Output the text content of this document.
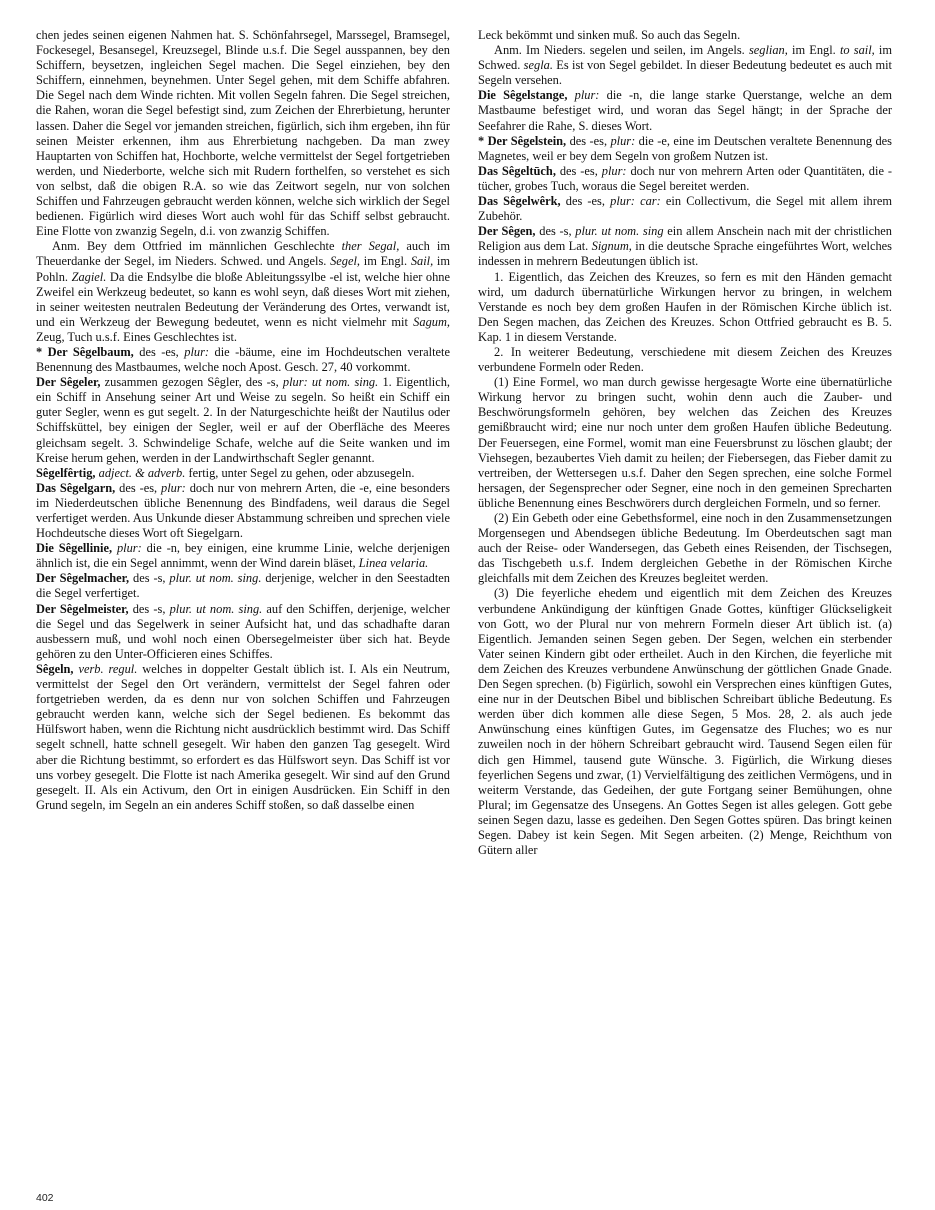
chen jedes seinen eigenen Nahmen hat. S. Schönfahrsegel, Marssegel, Bramsegel, Fockesegel, Besansegel, Kreuzsegel, Blinde u.s.f. Die Segel ausspannen, bey den Schiffern, beysetzen, ingleichen Segel machen. Die Segel einziehen, bey den Schiffern, einnehmen, beynehmen. Unter Segel gehen, mit dem Schiffe abfahren. Die Segel nach dem Winde richten. Mit vollen Segeln fahren. Die Segel streichen, die Rahen, woran die Segel befestigt sind, zum Zeichen der Ehrerbietung, herunter lassen. Daher die Segel vor jemanden streichen, figürlich, sich ihm ergeben, ihn für seinen Meister erkennen, ihm aus Ehrerbietung nachgeben. Da man zwey Hauptarten von Schiffen hat, Hochborte, welche vermittelst der Segel fortgetrieben werden, und Niederborte, welche sich mit Rudern forthelfen, so verstehet es sich von selbst, daß die obigen R.A. so wie das Zeitwort segeln, nur von solchen Schiffen und Fahrzeugen gebraucht werden können, welche sich wirklich der Segel bedienen. Figürlich wird dieses Wort auch wohl für das Schiff selbst gebraucht. Eine Flotte von zwanzig Segeln, d.i. von zwanzig Schiffen.

Anm. Bey dem Ottfried im männlichen Geschlechte ther Segal, auch im Theuerdanke der Segel, im Nieders. Schwed. und Angels. Segel, im Engl. Sail, im Pohln. Zagiel. Da die Endsylbe die bloße Ableitungssylbe -el ist, welche hier ohne Zweifel ein Werkzeug bedeutet, so kann es wohl seyn, daß dieses Wort mit ziehen, in seiner weitesten neutralen Bedeutung der Veränderung des Ortes, verwandt ist, und ein Werkzeug der Bewegung bedeutet, wenn es nicht vielmehr mit Sagum, Zeug, Tuch u.s.f. Eines Geschlechtes ist.

* Der Sêgelbaum, des -es, plur: die -bäume, eine im Hochdeutschen veraltete Benennung des Mastbaumes, welche noch Apost. Gesch. 27, 40 vorkommt.

Der Sêgeler, zusammen gezogen Sêgler, des -s, plur: ut nom. sing. 1. Eigentlich, ein Schiff in Ansehung seiner Art und Weise zu segeln. So heißt ein Schiff ein guter Segler, wenn es gut segelt. 2. In der Naturgeschichte heißt der Nautilus oder Schiffsküttel, bey einigen der Segler, weil er auf der Oberfläche des Meeres gleichsam segelt. 3. Schwindelige Schafe, welche auf die Seite wanken und im Kreise herum gehen, werden in der Landwirthschaft Segler genannt.

Sêgelfêrtig, adject. & adverb. fertig, unter Segel zu gehen, oder abzusegeln.

Das Sêgelgarn, des -es, plur: doch nur von mehrern Arten, die -e, eine besonders im Niederdeutschen übliche Benennung des Bindfadens, weil daraus die Segel verfertiget werden. Aus Unkunde dieser Abstammung schreiben und sprechen viele Hochdeutsche dieses Wort oft Siegelgarn.

Die Sêgellinie, plur: die -n, bey einigen, eine krumme Linie, welche derjenigen ähnlich ist, die ein Segel annimmt, wenn der Wind darein bläset, Linea velaria.

Der Sêgelmacher, des -s, plur. ut nom. sing. derjenige, welcher in den Seestadten die Segel verfertiget.

Der Sêgelmeister, des -s, plur. ut nom. sing. auf den Schiffen, derjenige, welcher die Segel und das Segelwerk in seiner Aufsicht hat, und das schadhafte daran ausbessern muß, und wohl noch einen Obersegelmeister über sich hat. Beyde gehören zu den Unter-Officieren eines Schiffes.

Sêgeln, verb. regul. welches in doppelter Gestalt üblich ist. I. Als ein Neutrum, vermittelst der Segel den Ort verändern, vermittelst der Segel fahren oder fortgetrieben werden, da es denn nur von solchen Schiffen und Fahrzeugen gebraucht werden kann, welche sich der Segel bedienen. Es bekommt das Hülfswort haben, wenn die Richtung nicht ausdrücklich bestimmt wird. Das Schiff segelt schnell, hatte schnell gesegelt. Wir haben den ganzen Tag gesegelt. Wird aber die Richtung bestimmt, so erfordert es das Hülfswort seyn. Das Schiff ist vor uns vorbey gesegelt. Die Flotte ist nach Amerika gesegelt. Wir sind auf den Grund gesegelt. II. Als ein Activum, den Ort in einigen Ausdrücken. Ein Schiff in den Grund segeln, im Segeln an ein anderes Schiff stoßen, so daß dasselbe einen

Leck bekömmt und sinken muß. So auch das Segeln.

Anm. Im Nieders. segelen und seilen, im Angels. seglian, im Engl. to sail, im Schwed. segla. Es ist von Segel gebildet. In dieser Bedeutung bedeutet es auch mit Segeln versehen.

Die Sêgelstange, plur: die -n, die lange starke Querstange, welche an dem Mastbaume befestiget wird, und woran das Segel hängt; in der Sprache der Seefahrer die Rahe, S. dieses Wort.

* Der Sêgelstein, des -es, plur: die -e, eine im Deutschen veraltete Benennung des Magnetes, weil er bey dem Segeln von großem Nutzen ist.

Das Sêgeltūch, des -es, plur: doch nur von mehrern Arten oder Quantitäten, die -tücher, grobes Tuch, woraus die Segel bereitet werden.

Das Sêgelwêrk, des -es, plur: car: ein Collectivum, die Segel mit allem ihrem Zubehör.

Der Sêgen, des -s, plur. ut nom. sing ein allem Anschein nach mit der christlichen Religion aus dem Lat. Signum, in die deutsche Sprache eingeführtes Wort, welches indessen in mehrern Bedeutungen üblich ist.

1. Eigentlich, das Zeichen des Kreuzes, so fern es mit den Händen gemacht wird, um dadurch übernatürliche Wirkungen hervor zu bringen, in welchem Verstande es noch bey dem großen Haufen in der Römischen Kirche üblich ist. Den Segen machen, das Zeichen des Kreuzes. Schon Ottfried gebraucht es B. 5. Kap. 1 in diesem Verstande.

2. In weiterer Bedeutung, verschiedene mit diesem Zeichen des Kreuzes verbundene Formeln oder Reden.

(1) Eine Formel, wo man durch gewisse hergesagte Worte eine übernatürliche Wirkung hervor zu bringen sucht, wohin denn auch die Zauber- und Beschwörungsformeln gehören, bey welchen das Zeichen des Kreuzes gemißbraucht wird; eine nur noch unter dem großen Haufen übliche Bedeutung. Der Feuersegen, eine Formel, womit man eine Feuersbrunst zu löschen glaubt; der Viehsegen, bezaubertes Vieh damit zu heilen; der Fiebersegen, das Fieber damit zu vertreiben, der Wettersegen u.s.f. Daher den Segen sprechen, eine solche Formel hersagen, der Segensprecher oder Segner, eine noch in den gemeinen Sprecharten übliche Benennung eines Beschwörers durch dergleichen Formeln, und so ferner.

(2) Ein Gebeth oder eine Gebethsformel, eine noch in den Zusammensetzungen Morgensegen und Abendsegen übliche Bedeutung. Im Oberdeutschen sagt man auch der Reise- oder Wandersegen, das Gebeth eines Reisenden, der Tischsegen, das Tischgebeth u.s.f. Indem dergleichen Gebethe in der Römischen Kirche gleichfalls mit dem Zeichen des Kreuzes begleitet werden.

(3) Die feyerliche ehedem und eigentlich mit dem Zeichen des Kreuzes verbundene Ankündigung der künftigen Gnade Gottes, künftiger Glückseligkeit von Gott, wo der Plural nur von mehrern Formeln dieser Art üblich ist. (a) Eigentlich. Jemanden seinen Segen geben. Der Segen, welchen ein sterbender Vater seinen Kindern gibt oder ertheilet. Auch in den Kirchen, die feyerliche mit dem Zeichen des Kreuzes verbundene Anwünschung der göttlichen Gnade Gnade. Den Segen sprechen. (b) Figürlich, sowohl ein Versprechen eines künftigen Gutes, eine nur in der Deutschen Bibel und biblischen Schreibart übliche Bedeutung. Es werden über dich kommen alle diese Segen, 5 Mos. 28, 2. als auch jede Anwünschung eines künftigen Gutes, im Gegensatze des Fluches; wo es nur zuweilen noch in der höhern Schreibart gebraucht wird. Tausend Segen eilen für dich gen Himmel, tausend gute Wünsche. 3. Figürlich, die Wirkung dieses feyerlichen Segens und zwar, (1) Vervielfältigung des zeitlichen Vermögens, und in weiterm Verstande, das Gedeihen, der gute Fortgang seiner Bemühungen, ohne Plural; im Gegensatze des Unsegens. An Gottes Segen ist alles gelegen. Gott gebe seinen Segen dazu, lasse es gedeihen. Den Segen Gottes spüren. Das bringt keinen Segen. Dabey ist kein Segen. Mit Segen arbeiten. (2) Menge, Reichthum von Gütern aller

402
